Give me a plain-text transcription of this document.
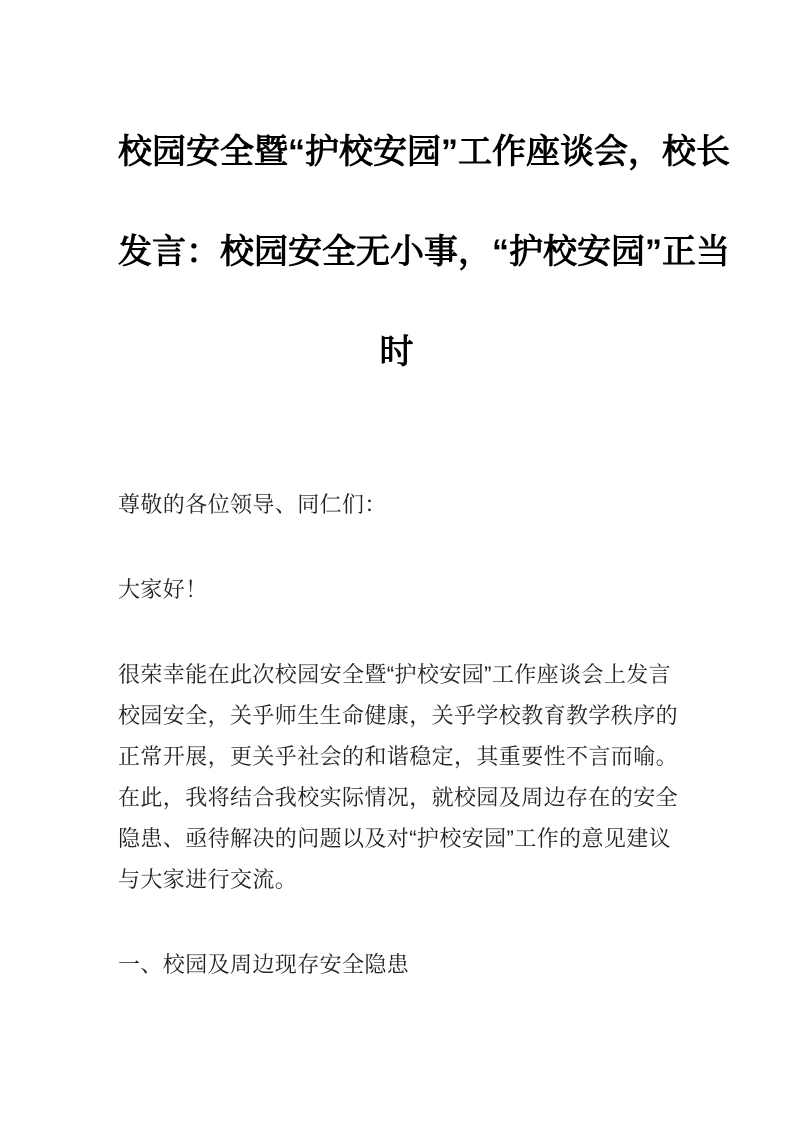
校园安全暨“护校安园”工作座谈会，校长
发言：校园安全无小事，“护校安园”正当
时
尊敬的各位领导、同仁们：
大家好！
很荣幸能在此次校园安全暨“护校安园”工作座谈会上发言
校园安全，关乎师生生命健康，关乎学校教育教学秩序的
正常开展，更关乎社会的和谐稳定，其重要性不言而喻。
在此，我将结合我校实际情况，就校园及周边存在的安全
隐患、亟待解决的问题以及对“护校安园”工作的意见建议
与大家进行交流。
一、校园及周边现存安全隐患
